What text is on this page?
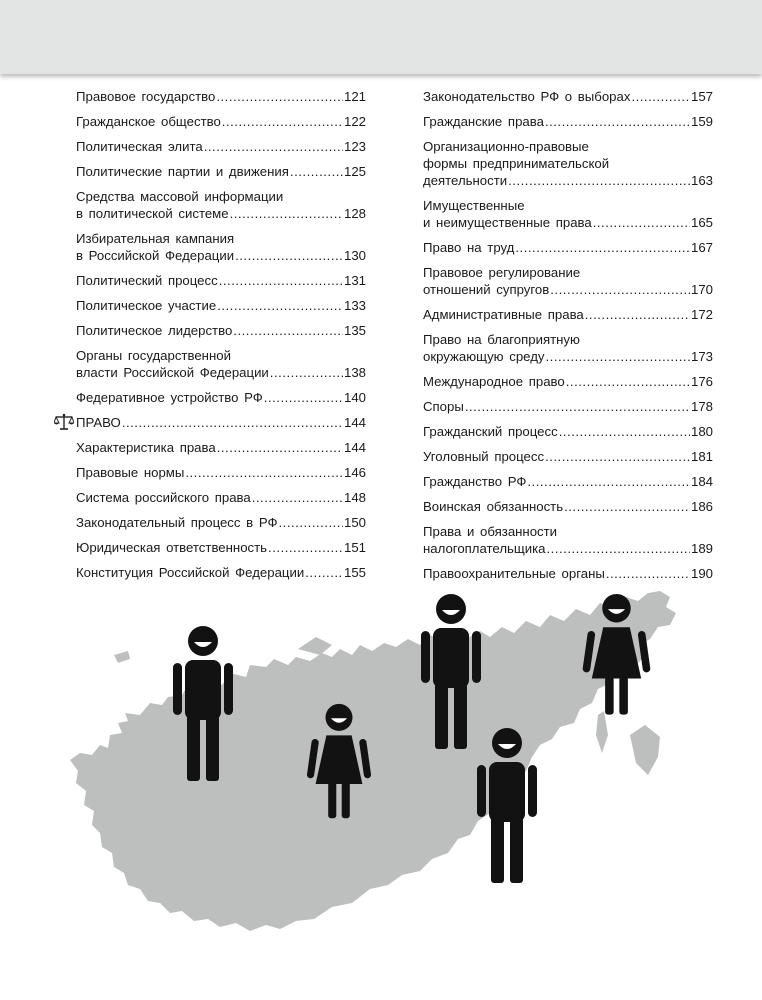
Правовое государство .....	121
Гражданское общество .....	122
Политическая элита .....	123
Политические партии и движения .....	125
Средства массовой информации
в политической системе .....	128
Избирательная кампания
в Российской Федерации .....	130
Политический процесс .....	131
Политическое участие .....	133
Политическое лидерство .....	135
Органы государственной
власти Российской Федерации .....	138
Федеративное устройство РФ .....	140
ПРАВО .....	144
Характеристика права .....	144
Правовые нормы .....	146
Система российского права .....	148
Законодательный процесс в РФ .....	150
Юридическая ответственность .....	151
Конституция Российской Федерации .....	155
Законодательство РФ о выборах .....	157
Гражданские права .....	159
Организационно-правовые
формы предпринимательской
деятельности .....	163
Имущественные
и неимущественные права .....	165
Право на труд .....	167
Правовое регулирование
отношений супругов .....	170
Административные права .....	172
Право на благоприятную
окружающую среду .....	173
Международное право .....	176
Споры .....	178
Гражданский процесс .....	180
Уголовный процесс .....	181
Гражданство РФ .....	184
Воинская обязанность .....	186
Права и обязанности
налогоплательщика .....	189
Правоохранительные органы .....	190
